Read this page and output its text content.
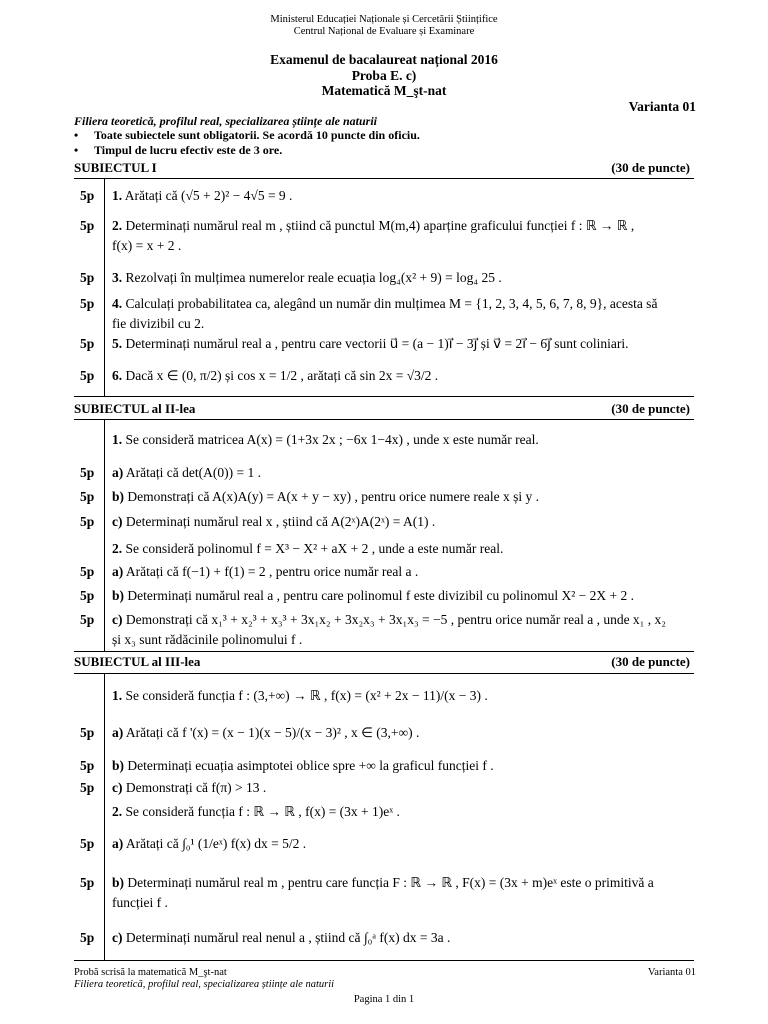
Ministerul Educației Naționale și Cercetării Științifice
Centrul Național de Evaluare și Examinare
Examenul de bacalaureat național 2016
Proba E. c)
Matematică M_şt-nat
Varianta 01
Filiera teoretică, profilul real, specializarea științe ale naturii
• Toate subiectele sunt obligatorii. Se acordă 10 puncte din oficiu.
• Timpul de lucru efectiv este de 3 ore.
SUBIECTUL I	(30 de puncte)
5p 1. Arătați că (√5 + 2)² − 4√5 = 9 .
5p 2. Determinați numărul real m , știind că punctul M(m,4) aparține graficului funcției f : ℝ → ℝ ,
f(x) = x + 2 .
5p 3. Rezolvați în mulțimea numerelor reale ecuația log₄(x² + 9) = log₄ 25 .
5p 4. Calculați probabilitatea ca, alegând un număr din mulțimea M = {1, 2, 3, 4, 5, 6, 7, 8, 9}, acesta să
fie divizibil cu 2.
5p 5. Determinați numărul real a , pentru care vectorii u⃗ = (a − 1)i⃗ − 3j⃗ și v⃗ = 2i⃗ − 6j⃗ sunt coliniari.
5p 6. Dacă x ∈ (0, π/2) și cos x = 1/2 , arătați că sin 2x = √3/2 .
SUBIECTUL al II-lea	(30 de puncte)
1. Se consideră matricea A(x) = (1+3x 2x ; −6x 1−4x) , unde x este număr real.
5p a) Arătați că det(A(0)) = 1 .
5p b) Demonstrați că A(x)A(y) = A(x + y − xy) , pentru orice numere reale x și y .
5p c) Determinați numărul real x , știind că A(2ˣ)A(2ˣ) = A(1) .
2. Se consideră polinomul f = X³ − X² + aX + 2 , unde a este număr real.
5p a) Arătați că f(−1) + f(1) = 2 , pentru orice număr real a .
5p b) Determinați numărul real a , pentru care polinomul f este divizibil cu polinomul X² − 2X + 2 .
5p c) Demonstrați că x₁³ + x₂³ + x₃³ + 3x₁x₂ + 3x₂x₃ + 3x₁x₃ = −5 , pentru orice număr real a , unde x₁ , x₂
și x₃ sunt rădăcinile polinomului f .
SUBIECTUL al III-lea	(30 de puncte)
1. Se consideră funcția f : (3,+∞) → ℝ , f(x) = (x² + 2x − 11)/(x − 3) .
5p a) Arătați că f '(x) = (x − 1)(x − 5)/(x − 3)² , x ∈ (3,+∞) .
5p b) Determinați ecuația asimptotei oblice spre +∞ la graficul funcției f .
5p c) Demonstrați că f(π) > 13 .
2. Se consideră funcția f : ℝ → ℝ , f(x) = (3x + 1)eˣ .
5p a) Arătați că ∫₀¹ (1/eˣ) f(x) dx = 5/2 .
5p b) Determinați numărul real m , pentru care funcția F : ℝ → ℝ , F(x) = (3x + m)eˣ este o primitivă a
funcției f .
5p c) Determinați numărul real nenul a , știind că ∫₀ᵃ f(x) dx = 3a .
Probă scrisă la matematică M_şt-nat
Filiera teoretică, profilul real, specializarea științe ale naturii
Varianta 01
Pagina 1 din 1
